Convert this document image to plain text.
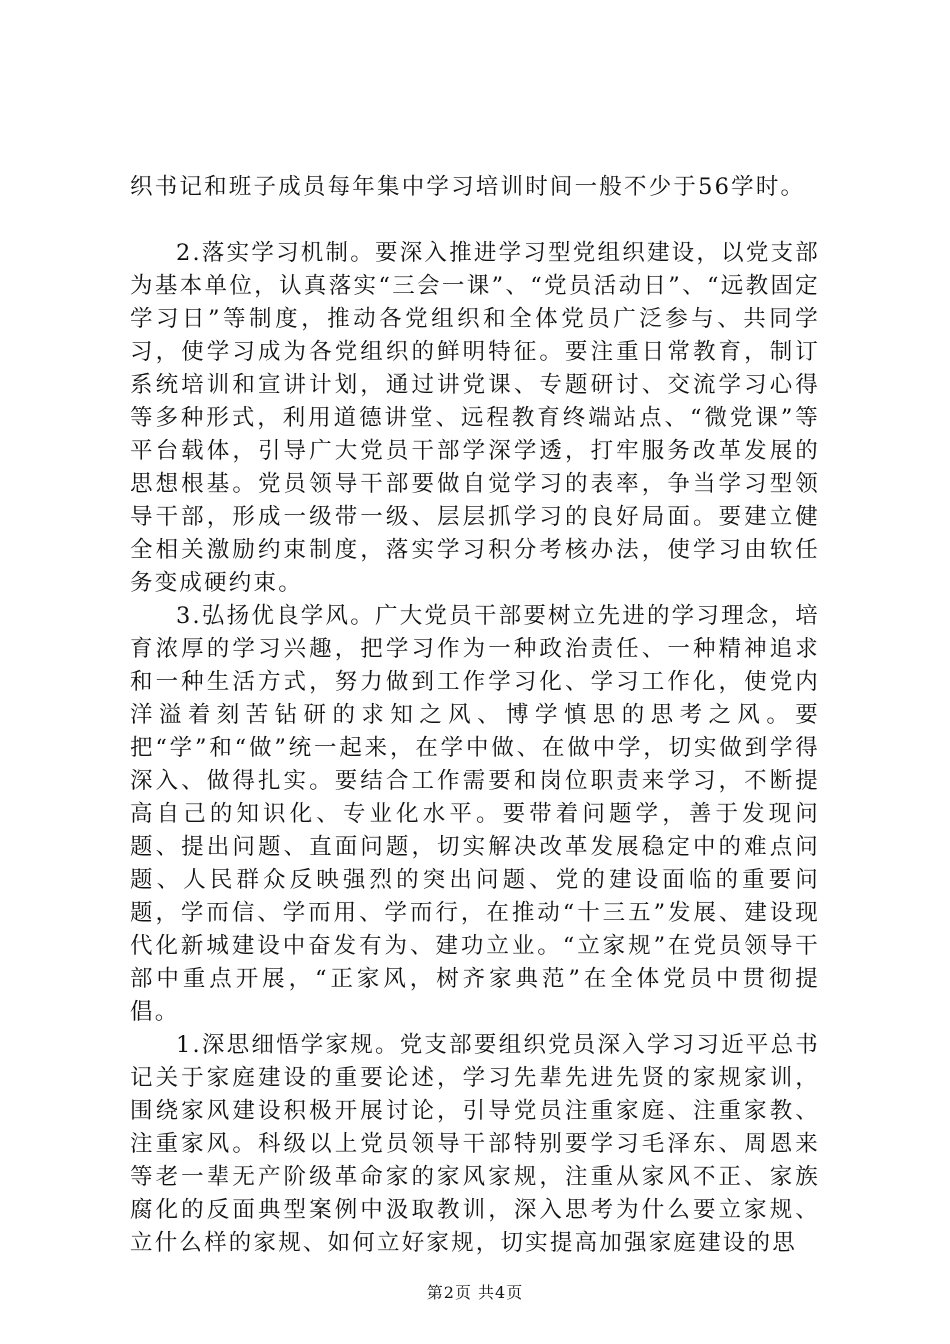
织书记和班子成员每年集中学习培训时间一般不少于56学时。

2.落实学习机制。要深入推进学习型党组织建设，以党支部为基本单位，认真落实“三会一课”、“党员活动日”、“远教固定学习日”等制度，推动各党组织和全体党员广泛参与、共同学习，使学习成为各党组织的鲜明特征。要注重日常教育，制订系统培训和宣讲计划，通过讲党课、专题研讨、交流学习心得等多种形式，利用道德讲堂、远程教育终端站点、“微党课”等平台载体，引导广大党员干部学深学透，打牢服务改革发展的思想根基。党员领导干部要做自觉学习的表率，争当学习型领导干部，形成一级带一级、层层抓学习的良好局面。要建立健全相关激励约束制度，落实学习积分考核办法，使学习由软任务变成硬约束。

3.弘扬优良学风。广大党员干部要树立先进的学习理念，培育浓厚的学习兴趣，把学习作为一种政治责任、一种精神追求和一种生活方式，努力做到工作学习化、学习工作化，使党内洋溢着刻苦钻研的求知之风、博学慎思的思考之风。要把“学”和“做”统一起来，在学中做、在做中学，切实做到学得深入、做得扎实。要结合工作需要和岗位职责来学习，不断提高自己的知识化、专业化水平。要带着问题学，善于发现问题、提出问题、直面问题，切实解决改革发展稳定中的难点问题、人民群众反映强烈的突出问题、党的建设面临的重要问题，学而信、学而用、学而行，在推动“十三五”发展、建设现代化新城建设中奋发有为、建功立业。“立家规”在党员领导干部中重点开展，“正家风，树齐家典范”在全体党员中贯彻提倡。

1.深思细悟学家规。党支部要组织党员深入学习习近平总书记关于家庭建设的重要论述，学习先辈先进先贤的家规家训，围绕家风建设积极开展讨论，引导党员注重家庭、注重家教、注重家风。科级以上党员领导干部特别要学习毛泽东、周恩来等老一辈无产阶级革命家的家风家规，注重从家风不正、家族腐化的反面典型案例中汲取教训，深入思考为什么要立家规、立什么样的家规、如何立好家规，切实提高加强家庭建设的思

第2页 共4页
